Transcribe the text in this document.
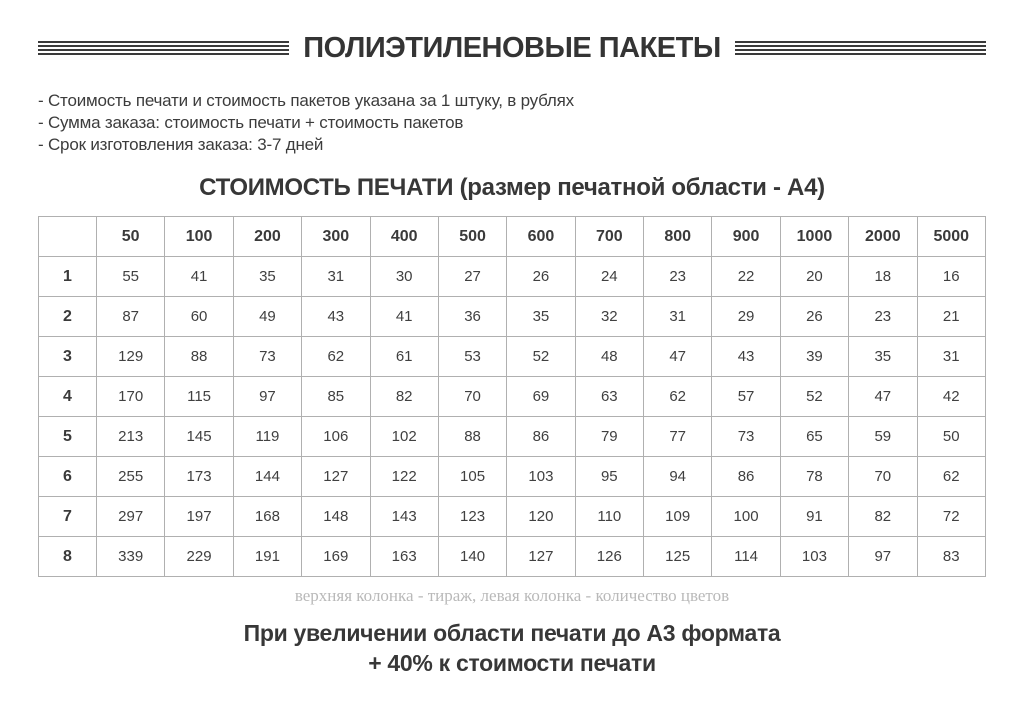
ПОЛИЭТИЛЕНОВЫЕ ПАКЕТЫ
- Стоимость печати и стоимость пакетов указана за 1 штуку, в рублях
- Сумма заказа: стоимость печати + стоимость пакетов
- Срок изготовления заказа: 3-7 дней
СТОИМОСТЬ ПЕЧАТИ (размер печатной области - А4)
	50	100	200	300	400	500	600	700	800	900	1000	2000	5000
1	55	41	35	31	30	27	26	24	23	22	20	18	16
2	87	60	49	43	41	36	35	32	31	29	26	23	21
3	129	88	73	62	61	53	52	48	47	43	39	35	31
4	170	115	97	85	82	70	69	63	62	57	52	47	42
5	213	145	119	106	102	88	86	79	77	73	65	59	50
6	255	173	144	127	122	105	103	95	94	86	78	70	62
7	297	197	168	148	143	123	120	110	109	100	91	82	72
8	339	229	191	169	163	140	127	126	125	114	103	97	83

верхняя колонка - тираж, левая колонка - количество цветов

При увеличении области печати до А3 формата

+ 40% к стоимости печати
